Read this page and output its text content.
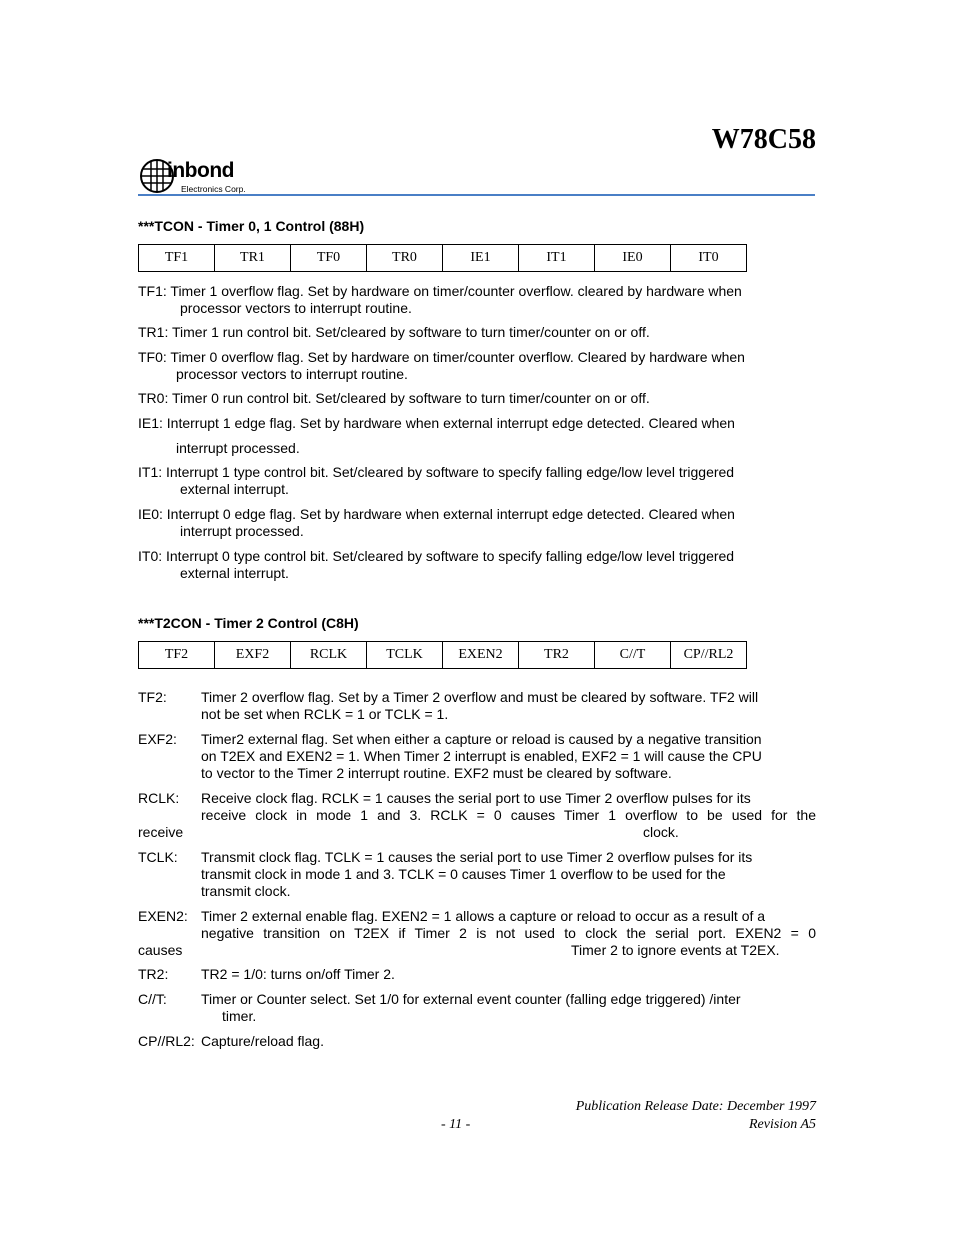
W78C58
inbond
Electronics Corp.
***TCON - Timer 0, 1 Control (88H)
TF1	TR1	TF0	TR0	IE1	IT1	IE0	IT0
TF1: Timer 1 overflow flag. Set by hardware on timer/counter overflow. cleared by hardware when
processor vectors to interrupt routine.
TR1: Timer 1 run control bit. Set/cleared by software to turn timer/counter on or off.
TF0: Timer 0 overflow flag. Set by hardware on timer/counter overflow. Cleared by hardware when
processor vectors to interrupt routine.
TR0: Timer 0 run control bit. Set/cleared by software to turn timer/counter on or off.
IE1: Interrupt 1 edge flag. Set by hardware when external interrupt edge detected. Cleared when
interrupt processed.
IT1: Interrupt 1 type control bit. Set/cleared by software to specify falling edge/low level triggered
external interrupt.
IE0: Interrupt 0 edge flag. Set by hardware when external interrupt edge detected. Cleared when
interrupt processed.
IT0: Interrupt 0 type control bit. Set/cleared by software to specify falling edge/low level triggered
external interrupt.
***T2CON - Timer 2 Control (C8H)
TF2	EXF2	RCLK	TCLK	EXEN2	TR2	C//T	CP//RL2
TF2: Timer 2 overflow flag. Set by a Timer 2 overflow and must be cleared by software. TF2 will
not be set when RCLK = 1 or TCLK = 1.
EXF2: Timer2 external flag. Set when either a capture or reload is caused by a negative transition
on T2EX and EXEN2 = 1. When Timer 2 interrupt is enabled, EXF2 = 1 will cause the CPU
to vector to the Timer 2 interrupt routine. EXF2 must be cleared by software.
RCLK: Receive clock flag. RCLK = 1 causes the serial port to use Timer 2 overflow pulses for its
receive clock in mode 1 and 3. RCLK = 0 causes Timer 1 overflow to be used for the
receive	clock.
TCLK: Transmit clock flag. TCLK = 1 causes the serial port to use Timer 2 overflow pulses for its
transmit clock in mode 1 and 3. TCLK = 0 causes Timer 1 overflow to be used for the
transmit clock.
EXEN2: Timer 2 external enable flag. EXEN2 = 1 allows a capture or reload to occur as a result of a
negative transition on T2EX if Timer 2 is not used to clock the serial port. EXEN2 = 0
causes	Timer 2 to ignore events at T2EX.
TR2: TR2 = 1/0: turns on/off Timer 2.
C//T: Timer or Counter select. Set 1/0 for external event counter (falling edge triggered) /inter
timer.
CP//RL2: Capture/reload flag.
Publication Release Date: December 1997
- 11 -	Revision A5
